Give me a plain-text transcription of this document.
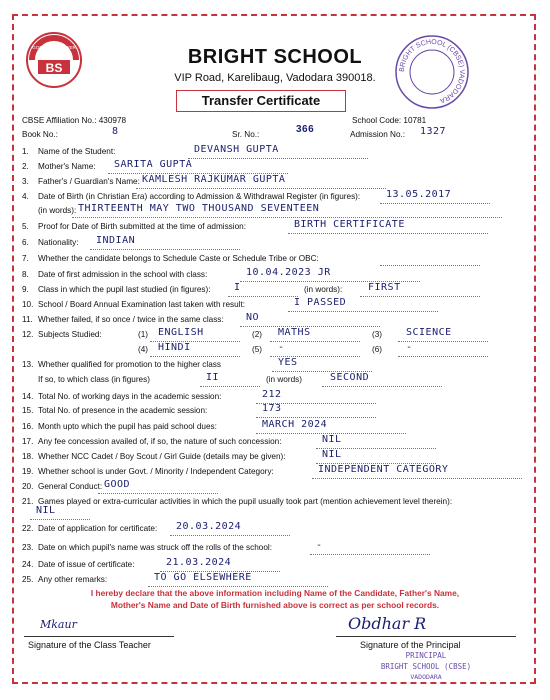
BS
GOOD WILL POWER	BRIGHT SCHOOL
VIP Road, Karelibaug, Vadodara 390018.
Transfer Certificate
BRIGHT SCHOOL (CBSE) VADODARA
CBSE Affiliation No.: 430978	School Code: 10781
Book No.:	8	Sr. No.:	366	Admission No.: 1327
1. Name of the Student:	DEVANSH GUPTA
2. Mother's Name: SARITA GUPTA
3. Father's / Guardian's Name: KAMLESH RAJKUMAR GUPTA
4. Date of Birth (in Christian Era) according to Admission & Withdrawal Register (in figures):	13.05.2017
(in words): THIRTEENTH MAY TWO THOUSAND SEVENTEEN
5. Proof for Date of Birth submitted at the time of admission:	BIRTH CERTIFICATE
6. Nationality: INDIAN
7. Whether the candidate belongs to Schedule Caste or Schedule Tribe or OBC:
8. Date of first admission in the school with class:	10.04.2023 JR
9. Class in which the pupil last studied (in figures): I	(in words):	FIRST
10. School / Board Annual Examination last taken with result:	I PASSED
11. Whether failed, if so once / twice in the same class: NO
12. Subjects Studied:
13. Whether qualified for promotion to the higher class	YES
If so, to which class (in figures)	II	(in words)	SECOND
14. Total No. of working days in the academic session:	212
15. Total No. of presence in the academic session:	173
16. Month upto which the pupil has paid school dues:	MARCH 2024
17. Any fee concession availed of, if so, the nature of such concession:	NIL
18. Whether NCC Cadet / Boy Scout / Girl Guide (details may be given):	NIL
19. Whether school is under Govt. / Minority / Independent Category:	INDEPENDENT CATEGORY
20. General Conduct: GOOD
21. Games played or extra-curricular activities in which the pupil usually took part (mention achievement level therein):
NIL
22. Date of application for certificate: 20.03.2024
23. Date on which pupil's name was struck off the rolls of the school:	-
24. Date of issue of certificate:	21.03.2024
25. Any other remarks:	TO GO ELSEWHERE
(1) ENGLISH	(2) MATHS	(3) SCIENCE
(4) HINDI	(5) -	(6) -
I hereby declare that the above information including Name of the Candidate, Father's Name,
Mother's Name and Date of Birth furnished above is correct as per school records.
Mkaur
Signature of the Class Teacher
Obdhar R
Signature of the Principal
PRINCIPAL
BRIGHT SCHOOL (CBSE)
VADODARA
